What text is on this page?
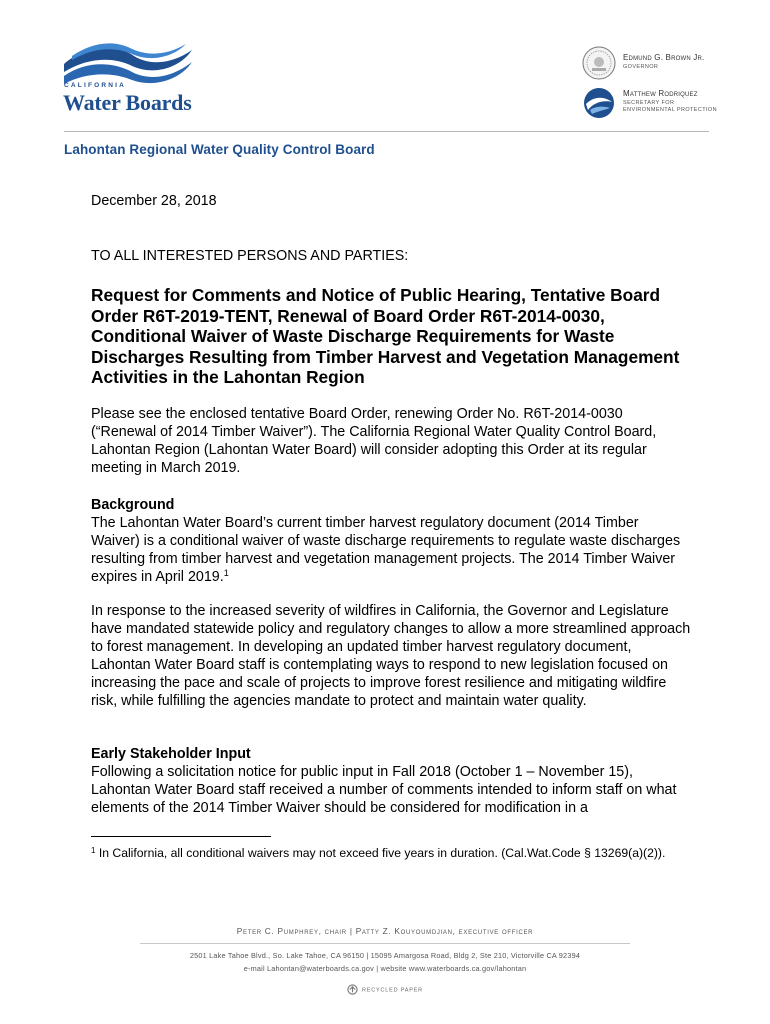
CALIFORNIA
Water Boards
Edmund G. Brown Jr.
GOVERNOR
Matthew Rodriquez
SECRETARY FOR
ENVIRONMENTAL PROTECTION
Lahontan Regional Water Quality Control Board
December 28, 2018
TO ALL INTERESTED PERSONS AND PARTIES:
Request for Comments and Notice of Public Hearing, Tentative Board Order R6T-2019-TENT, Renewal of Board Order R6T-2014-0030, Conditional Waiver of Waste Discharge Requirements for Waste Discharges Resulting from Timber Harvest and Vegetation Management Activities in the Lahontan Region
Please see the enclosed tentative Board Order, renewing Order No. R6T-2014-0030 (“Renewal of 2014 Timber Waiver”). The California Regional Water Quality Control Board, Lahontan Region (Lahontan Water Board) will consider adopting this Order at its regular meeting in March 2019.
Background
The Lahontan Water Board’s current timber harvest regulatory document (2014 Timber Waiver) is a conditional waiver of waste discharge requirements to regulate waste discharges resulting from timber harvest and vegetation management projects. The 2014 Timber Waiver expires in April 2019.$^1$
In response to the increased severity of wildfires in California, the Governor and Legislature have mandated statewide policy and regulatory changes to allow a more streamlined approach to forest management. In developing an updated timber harvest regulatory document, Lahontan Water Board staff is contemplating ways to respond to new legislation focused on increasing the pace and scale of projects to improve forest resilience and mitigating wildfire risk, while fulfilling the agencies mandate to protect and maintain water quality.
Early Stakeholder Input
Following a solicitation notice for public input in Fall 2018 (October 1 – November 15), Lahontan Water Board staff received a number of comments intended to inform staff on what elements of the 2014 Timber Waiver should be considered for modification in a
$^1$ In California, all conditional waivers may not exceed five years in duration. (Cal.Wat.Code § 13269(a)(2)).
Peter C. Pumphrey, chair | Patty Z. Kouyoumdjian, executive officer
2501 Lake Tahoe Blvd., So. Lake Tahoe, CA 96150 | 15095 Amargosa Road, Bldg 2, Ste 210, Victorville CA 92394
e-mail Lahontan@waterboards.ca.gov | website www.waterboards.ca.gov/lahontan
RECYCLED PAPER
